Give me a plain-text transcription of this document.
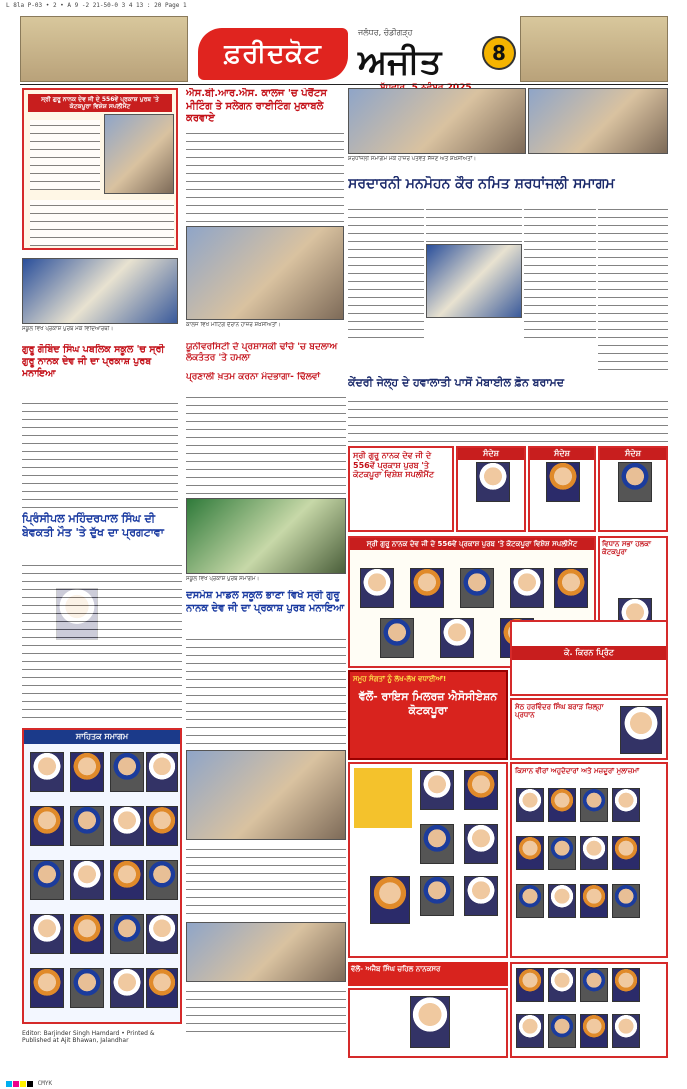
L 8la P-03 • 2 • A 9 -2 21-50-0 3 4 13 : 20 Page 1
ਫ਼ਰੀਦਕੋਟ
ਜਲੰਧਰ, ਚੰਡੀਗੜ੍ਹ
ਅਜੀਤ	8
ਸ੍ਰੀ ਗੁਰੂ ਨਾਨਕ ਦੇਵ ਜੀ ਦੇ 556ਵੇਂ ਪ੍ਰਕਾਸ਼ ਪੁਰਬ 'ਤੇ ਕੋਟਕਪੂਰਾ ਵਿਸ਼ੇਸ਼ ਸਪਲੀਮੈਂਟ
ਐਸ.ਬੀ.ਆਰ.ਐਸ. ਕਾਲਜ 'ਚ ਪੇਰੈਂਟਸ ਮੀਟਿੰਗ ਤੇ ਸਲੇਗਨ ਰਾਈਟਿੰਗ ਮੁਕਾਬਲੇ ਕਰਵਾਏ
ਕਾਲਜ ਵਿਖੇ ਮੀਟਿੰਗ ਦੌਰਾਨ ਹਾਜ਼ਰ ਸ਼ਖ਼ਸੀਅਤਾਂ।
ਸ਼ਰਧਾਂਜਲੀ ਸਮਾਗਮ ਮੌਕੇ ਹਾਜ਼ਰ ਪਤਵੰਤੇ ਸੱਜਣ ਅਤੇ ਸ਼ਖ਼ਸੀਅਤਾਂ।
ਸਰਦਾਰਨੀ ਮਨਮੋਹਨ ਕੌਰ ਨਮਿਤ ਸ਼ਰਧਾਂਜਲੀ ਸਮਾਗਮ
ਸਕੂਲ ਵਿਖੇ ਪ੍ਰਕਾਸ਼ ਪੁਰਬ ਮੌਕੇ ਵਿਦਿਆਰਥੀ।
ਗੁਰੂ ਗੋਬਿੰਦ ਸਿੰਘ ਪਬਲਿਕ ਸਕੂਲ 'ਚ ਸ੍ਰੀ ਗੁਰੂ ਨਾਨਕ ਦੇਵ ਜੀ ਦਾ ਪ੍ਰਕਾਸ਼ ਪੁਰਬ ਮਨਾਇਆ
ਯੂਨੀਵਰਸਿਟੀ ਦੇ ਪ੍ਰਸ਼ਾਸਕੀ ਢਾਂਚੇ 'ਚ ਬਦਲਾਅ ਲੋਕਤੰਤਰ 'ਤੇ ਹਮਲਾ
ਪ੍ਰਣਾਲੀ ਖ਼ਤਮ ਕਰਨਾ ਮੰਦਭਾਗਾ- ਢਿੱਲਵਾਂ	ਕੇਂਦਰੀ ਜੇਲ੍ਹ ਦੇ ਹਵਾਲਾਤੀ ਪਾਸੋਂ ਮੋਬਾਈਲ ਫ਼ੋਨ ਬਰਾਮਦ
ਸ੍ਰੀ ਗੁਰੂ ਨਾਨਕ ਦੇਵ ਜੀ ਦੇ 556ਵੇਂ ਪ੍ਰਕਾਸ਼ ਪੁਰਬ 'ਤੇ ਕੋਟਕਪੂਰਾ ਵਿਸ਼ੇਸ਼ ਸਪਲੀਮੈਂਟ
ਸੰਦੇਸ਼	ਸੰਦੇਸ਼	ਸੰਦੇਸ਼
ਪ੍ਰਿੰਸੀਪਲ ਮਹਿੰਦਰਪਾਲ ਸਿੰਘ ਦੀ ਬੇਵਕਤੀ ਮੌਤ 'ਤੇ ਦੁੱਖ ਦਾ ਪ੍ਰਗਟਾਵਾ
ਸਕੂਲ ਵਿਖੇ ਪ੍ਰਕਾਸ਼ ਪੁਰਬ ਸਮਾਗਮ।
ਦਸਮੇਸ਼ ਮਾਡਲ ਸਕੂਲ ਭਾਣਾ ਵਿਖੇ ਸ੍ਰੀ ਗੁਰੂ ਨਾਨਕ ਦੇਵ ਜੀ ਦਾ ਪ੍ਰਕਾਸ਼ ਪੁਰਬ ਮਨਾਇਆ
ਸ੍ਰੀ ਗੁਰੂ ਨਾਨਕ ਦੇਵ ਜੀ ਦੇ 556ਵੇਂ ਪ੍ਰਕਾਸ਼ ਪੁਰਬ 'ਤੇ ਕੋਟਕਪੂਰਾ ਵਿਸ਼ੇਸ਼ ਸਪਲੀਮੈਂਟ	ਵਿਧਾਨ ਸਭਾ ਹਲਕਾ ਕੋਟਕਪੂਰਾ
ਸਮੂਹ ਸੰਗਤਾਂ ਨੂੰ ਲੱਖ-ਲੱਖ ਵਧਾਈਆਂ!
ਵੱਲੋਂ- ਰਾਇਸ ਮਿਲਰਜ਼ ਐਸੋਸੀਏਸ਼ਨ ਕੋਟਕਪੂਰਾ
ਕੇ. ਕਿਰਨ ਪ੍ਰਿੰਟ
ਸੇਠ ਹਰਵਿੰਦਰ ਸਿੰਘ ਬਰਾੜ ਜ਼ਿਲ੍ਹਾ ਪ੍ਰਧਾਨ
ਸਾਹਿਤਕ ਸਮਾਗਮ
ਕਿਸਾਨ ਵੀਰਾਂ ਅਹੁਦੇਦਾਰਾਂ ਅਤੇ ਮਜ਼ਦੂਰਾਂ ਮੁਲਾਜ਼ਮਾਂ
ਵੱਲੋਂ- ਅਜੈਬ ਸਿੰਘ ਚਹਿਲ ਨਾਨਕਸਰ
Editor: Barjinder Singh Hamdard • Printed & Published at Ajit Bhawan, Jalandhar
CMYK
